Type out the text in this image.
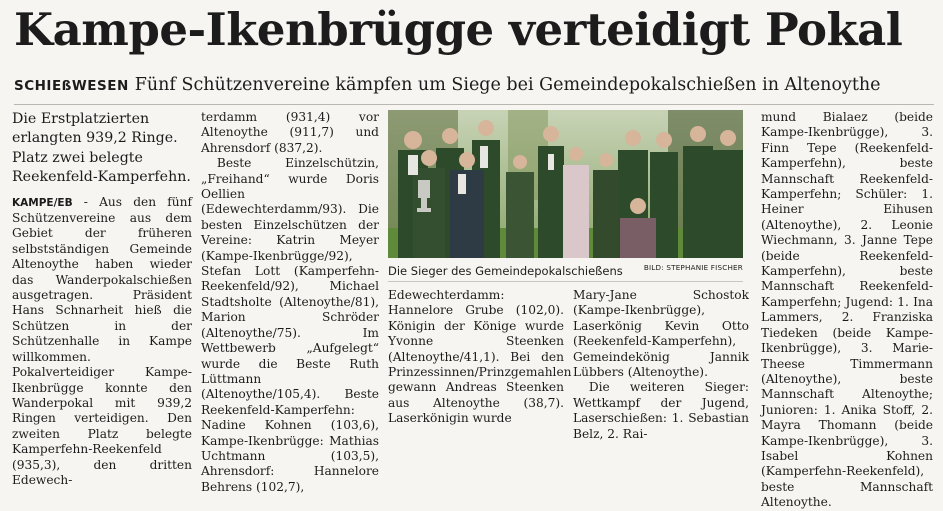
Kampe-Ikenbrügge verteidigt Pokal
SCHIEßWESEN Fünf Schützenvereine kämpfen um Siege bei Gemeindepokalschießen in Altenoythe

Die Erstplatzierten erlangten 939,2 Ringe. Platz zwei belegte Reekenfeld-Kamperfehn.

KAMPE/EB - Aus den fünf Schützenvereine aus dem Gebiet der früheren selbstständigen Gemeinde Altenoythe haben wieder das Wanderpokalschießen ausgetragen. Präsident Hans Schnarheit hieß die Schützen in der Schützenhalle in Kampe willkommen. Pokalverteidiger Kampe-Ikenbrügge konnte den Wanderpokal mit 939,2 Ringen verteidigen. Den zweiten Platz belegte Kamperfehn-Reekenfeld (935,3), den dritten Edewech-

terdamm (931,4) vor Altenoythe (911,7) und Ahrensdorf (837,2).

Beste Einzelschützin, „Freihand“ wurde Doris Oellien (Edewechterdamm/93). Die besten Einzelschützen der Vereine: Katrin Meyer (Kampe-Ikenbrügge/92), Stefan Lott (Kamperfehn-Reekenfeld/92), Michael Stadtsholte (Altenoythe/81), Marion Schröder (Altenoythe/75). Im Wettbewerb „Aufgelegt“ wurde die Beste Ruth Lüttmann (Altenoythe/105,4). Beste Reekenfeld-Kamperfehn: Nadine Kohnen (103,6), Kampe-Ikenbrügge: Mathias Uchtmann (103,5), Ahrensdorf: Hannelore Behrens (102,7),

Die Sieger des Gemeindepokalschießens	BILD: STEPHANIE FISCHER

Edewechterdamm: Hannelore Grube (102,0). Königin der Könige wurde Yvonne Steenken (Altenoythe/41,1). Bei den Prinzessinnen/Prinzgemahlen gewann Andreas Steenken aus Altenoythe (38,7). Laserkönigin wurde

Mary-Jane Schostok (Kampe-Ikenbrügge), Laserkönig Kevin Otto (Reekenfeld-Kamperfehn), Gemeindekönig Jannik Lübbers (Altenoythe).

Die weiteren Sieger: Wettkampf der Jugend, Laserschießen: 1. Sebastian Belz, 2. Rai-

mund Bialaez (beide Kampe-Ikenbrügge), 3. Finn Tepe (Reekenfeld-Kamperfehn), beste Mannschaft Reekenfeld-Kamperfehn; Schüler: 1. Heiner Eihusen (Altenoythe), 2. Leonie Wiechmann, 3. Janne Tepe (beide Reekenfeld-Kamperfehn), beste Mannschaft Reekenfeld-Kamperfehn; Jugend: 1. Ina Lammers, 2. Franziska Tiedeken (beide Kampe-Ikenbrügge), 3. Marie-Theese Timmermann (Altenoythe), beste Mannschaft Altenoythe; Junioren: 1. Anika Stoff, 2. Mayra Thomann (beide Kampe-Ikenbrügge), 3. Isabel Kohnen (Kamperfehn-Reekenfeld), beste Mannschaft Altenoythe.
